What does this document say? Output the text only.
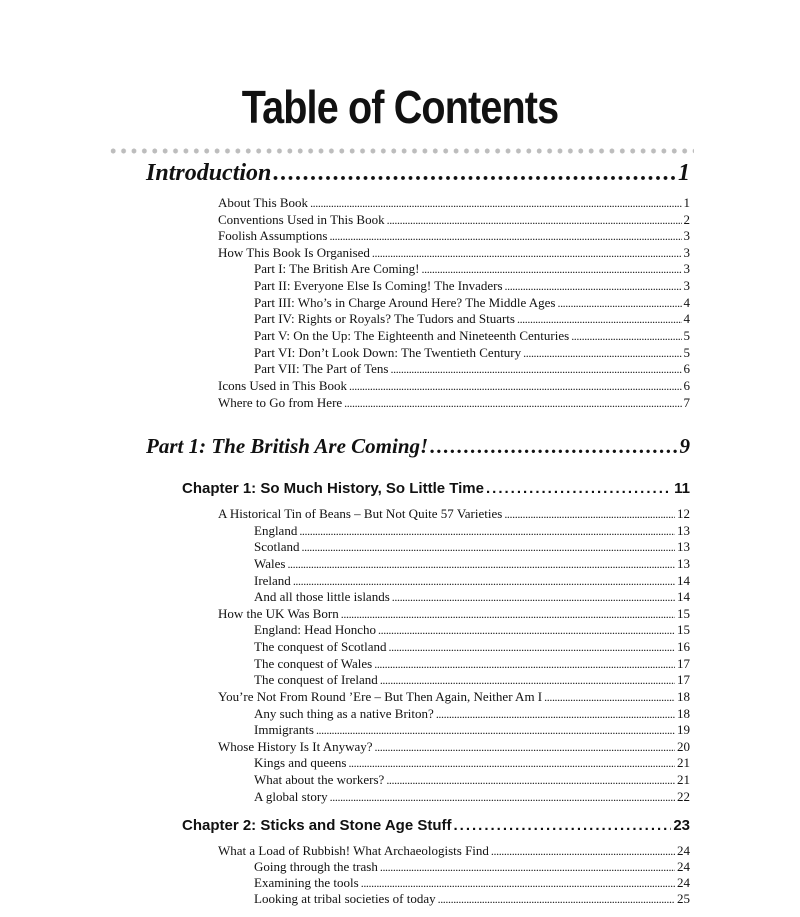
Table of Contents
Introduction .....	1
About This Book .....	1
Conventions Used in This Book .....	2
Foolish Assumptions .....	3
How This Book Is Organised .....	3
Part I: The British Are Coming! .....	3
Part II: Everyone Else Is Coming! The Invaders .....	3
Part III: Who’s in Charge Around Here? The Middle Ages .....	4
Part IV: Rights or Royals? The Tudors and Stuarts .....	4
Part V: On the Up: The Eighteenth and Nineteenth Centuries .....	5
Part VI: Don’t Look Down: The Twentieth Century .....	5
Part VII: The Part of Tens .....	6
Icons Used in This Book .....	6
Where to Go from Here .....	7
Part 1: The British Are Coming! .....	9
Chapter 1: So Much History, So Little Time .....	11
A Historical Tin of Beans – But Not Quite 57 Varieties .....	12
England .....	13
Scotland .....	13
Wales .....	13
Ireland .....	14
And all those little islands .....	14
How the UK Was Born .....	15
England: Head Honcho .....	15
The conquest of Scotland .....	16
The conquest of Wales .....	17
The conquest of Ireland .....	17
You’re Not From Round ’Ere – But Then Again, Neither Am I .....	18
Any such thing as a native Briton? .....	18
Immigrants .....	19
Whose History Is It Anyway? .....	20
Kings and queens .....	21
What about the workers? .....	21
A global story .....	22
Chapter 2: Sticks and Stone Age Stuff .....	23
What a Load of Rubbish! What Archaeologists Find .....	24
Going through the trash .....	24
Examining the tools .....	24
Looking at tribal societies of today .....	25
